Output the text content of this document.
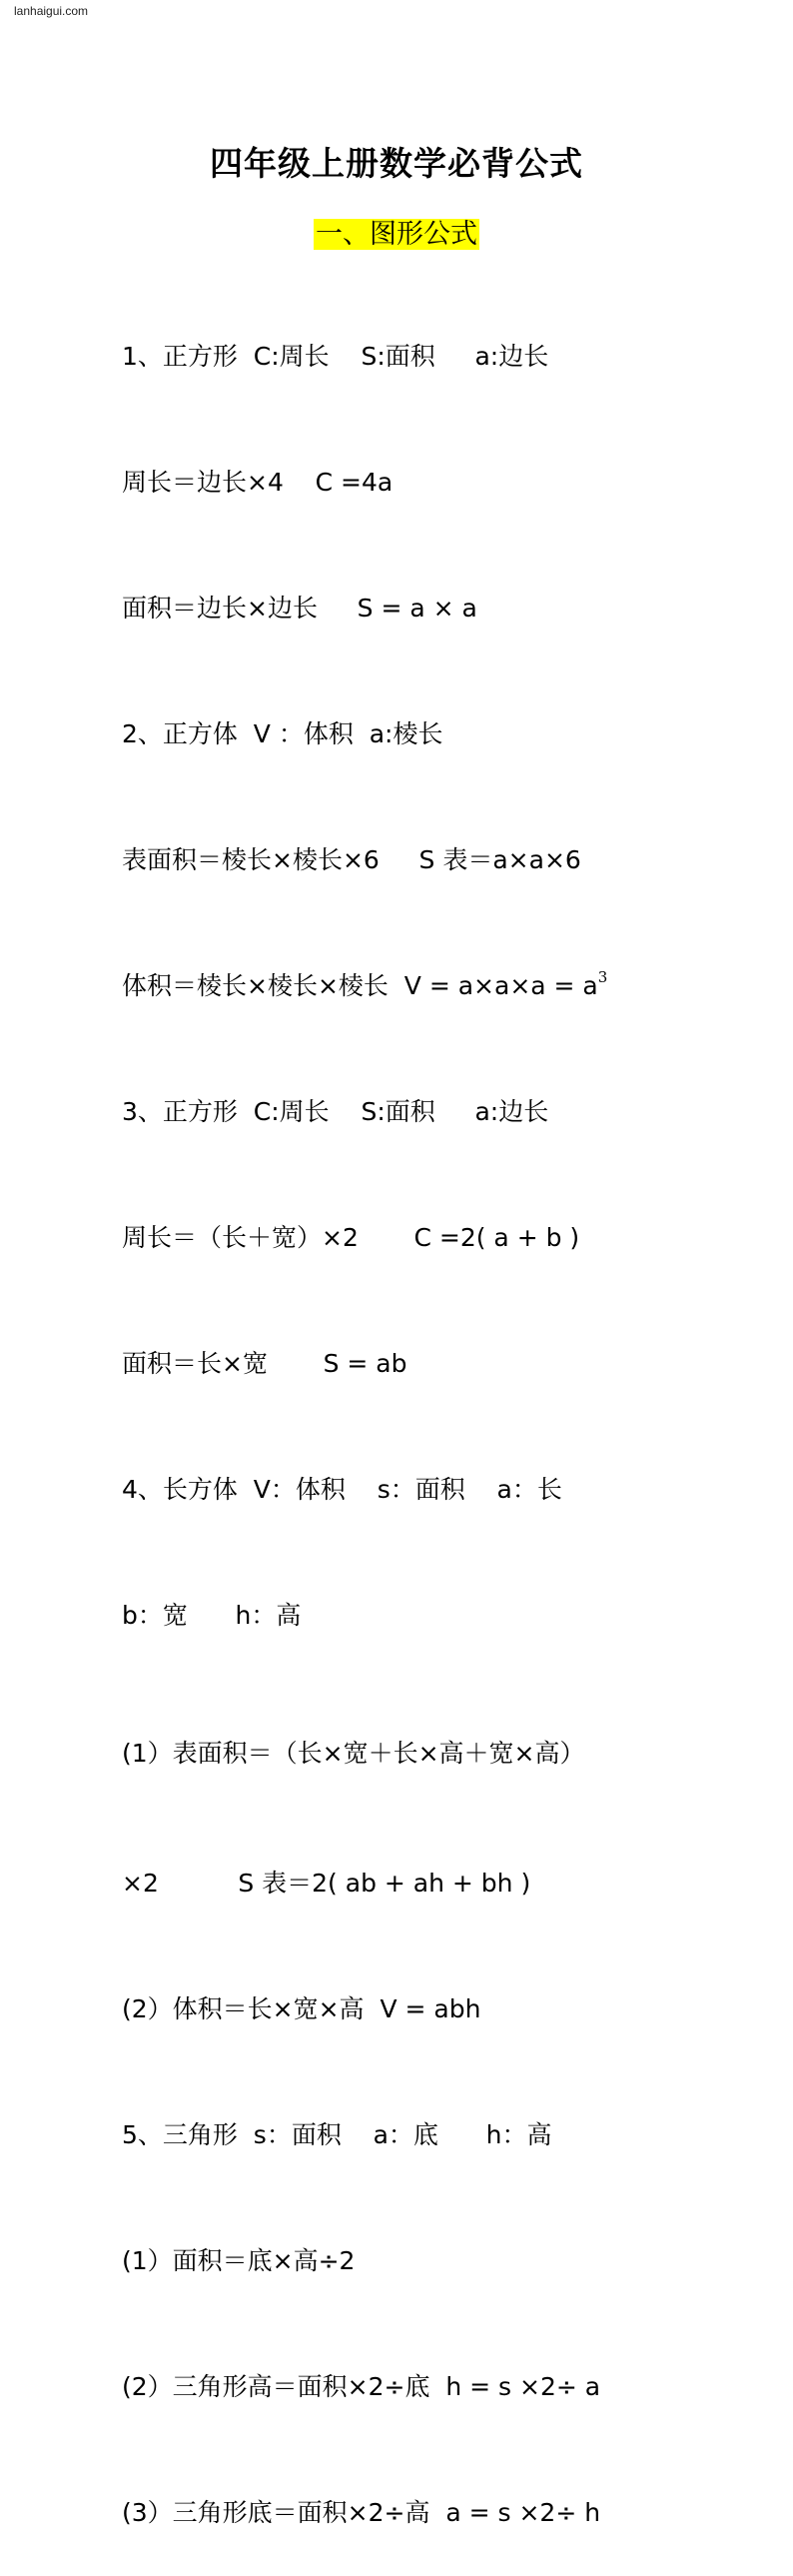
lanhaigui.com
四年级上册数学必背公式
一、图形公式

1、正方形  C:周长    S:面积     a:边长

周长＝边长×4    C =4a

面积＝边长×边长     S = a × a

2、正方体  V ：体积  a:棱长

表面积＝棱长×棱长×6     S 表＝a×a×6

体积＝棱长×棱长×棱长  $V = a\times a\times a = a^3$

3、正方形  C:周长    S:面积     a:边长

周长＝（长＋宽）×2       C =2( a + b )

面积＝长×宽       S = ab

4、长方体  V：体积    s：面积    a：长

b：宽      h：高

(1）表面积＝（长×宽＋长×高＋宽×高）

×2          S 表＝2( ab + ah + bh )

(2）体积＝长×宽×高  V = abh

5、三角形  s：面积    a：底      h：高

(1）面积＝底×高÷2

(2）三角形高＝面积×2÷底  h = s ×2÷ a

(3）三角形底＝面积×2÷高  a = s ×2÷ h
